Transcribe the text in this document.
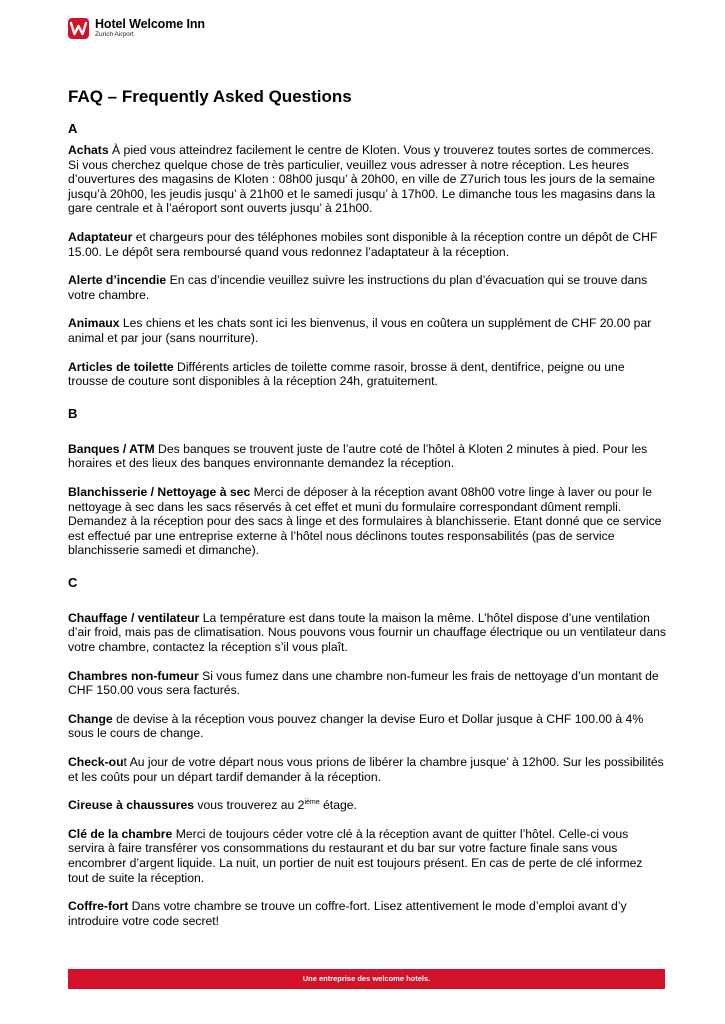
Hotel Welcome Inn
Zurich Airport
FAQ – Frequently Asked Questions

A

Achats À pied vous atteindrez facilement le centre de Kloten. Vous y trouverez toutes sortes de commerces. Si vous cherchez quelque chose de très particulier, veuillez vous adresser à notre réception. Les heures d’ouvertures des magasins de Kloten : 08h00 jusqu’ à 20h00, en ville de Z7urich tous les jours de la semaine jusqu’à 20h00, les jeudis jusqu’ à 21h00 et le samedi jusqu’ à 17h00. Le dimanche tous les magasins dans la gare centrale et à l’aéroport sont ouverts jusqu’ à 21h00.

Adaptateur et chargeurs pour des téléphones mobiles sont disponible à la réception contre un dépôt de CHF 15.00. Le dépôt sera remboursé quand vous redonnez l’adaptateur à la réception.

Alerte d’incendie En cas d’incendie veuillez suivre les instructions du plan d’évacuation qui se trouve dans votre chambre.

Animaux Les chiens et les chats sont ici les bienvenus, il vous en coûtera un supplément de CHF 20.00 par animal et par jour (sans nourriture).

Articles de toilette Différents articles de toilette comme rasoir, brosse ä dent, dentifrice, peigne ou une trousse de couture sont disponibles à la réception 24h, gratuitement.

B

Banques / ATM Des banques se trouvent juste de l’autre coté de l’hôtel à Kloten 2 minutes à pied. Pour les horaires et des lieux des banques environnante demandez la réception.

Blanchisserie / Nettoyage à sec Merci de déposer à la réception avant 08h00 votre linge à laver ou pour le nettoyage à sec dans les sacs réservés à cet effet et muni du formulaire correspondant dûment rempli. Demandez à la réception pour des sacs à linge et des formulaires à blanchisserie. Etant donné que ce service est effectué par une entreprise externe à l’hôtel nous déclinons toutes responsabilités (pas de service blanchisserie samedi et dimanche).

C

Chauffage / ventilateur La température est dans toute la maison la même. L’hôtel dispose d’une ventilation d’air froid, mais pas de climatisation. Nous pouvons vous fournir un chauffage électrique ou un ventilateur dans votre chambre, contactez la réception s’il vous plaît.

Chambres non-fumeur Si vous fumez dans une chambre non-fumeur les frais de nettoyage d’un montant de CHF 150.00 vous sera facturés.

Change de devise à la réception vous pouvez changer la devise Euro et Dollar jusque à CHF 100.00 à 4% sous le cours de change.

Check-out Au jour de votre départ nous vous prions de libérer la chambre jusque’ à 12h00. Sur les possibilités et les coûts pour un départ tardif demander à la réception.

Cireuse à chaussures vous trouverez au 2ième étage.

Clé de la chambre Merci de toujours céder votre clé à la réception avant de quitter l’hôtel. Celle-ci vous servira à faire transférer vos consommations du restaurant et du bar sur votre facture finale sans vous encombrer d’argent liquide. La nuit, un portier de nuit est toujours présent. En cas de perte de clé informez tout de suite la réception.

Coffre-fort Dans votre chambre se trouve un coffre-fort. Lisez attentivement le mode d’emploi avant d’y introduire votre code secret!

Une entreprise des welcome hotels.
